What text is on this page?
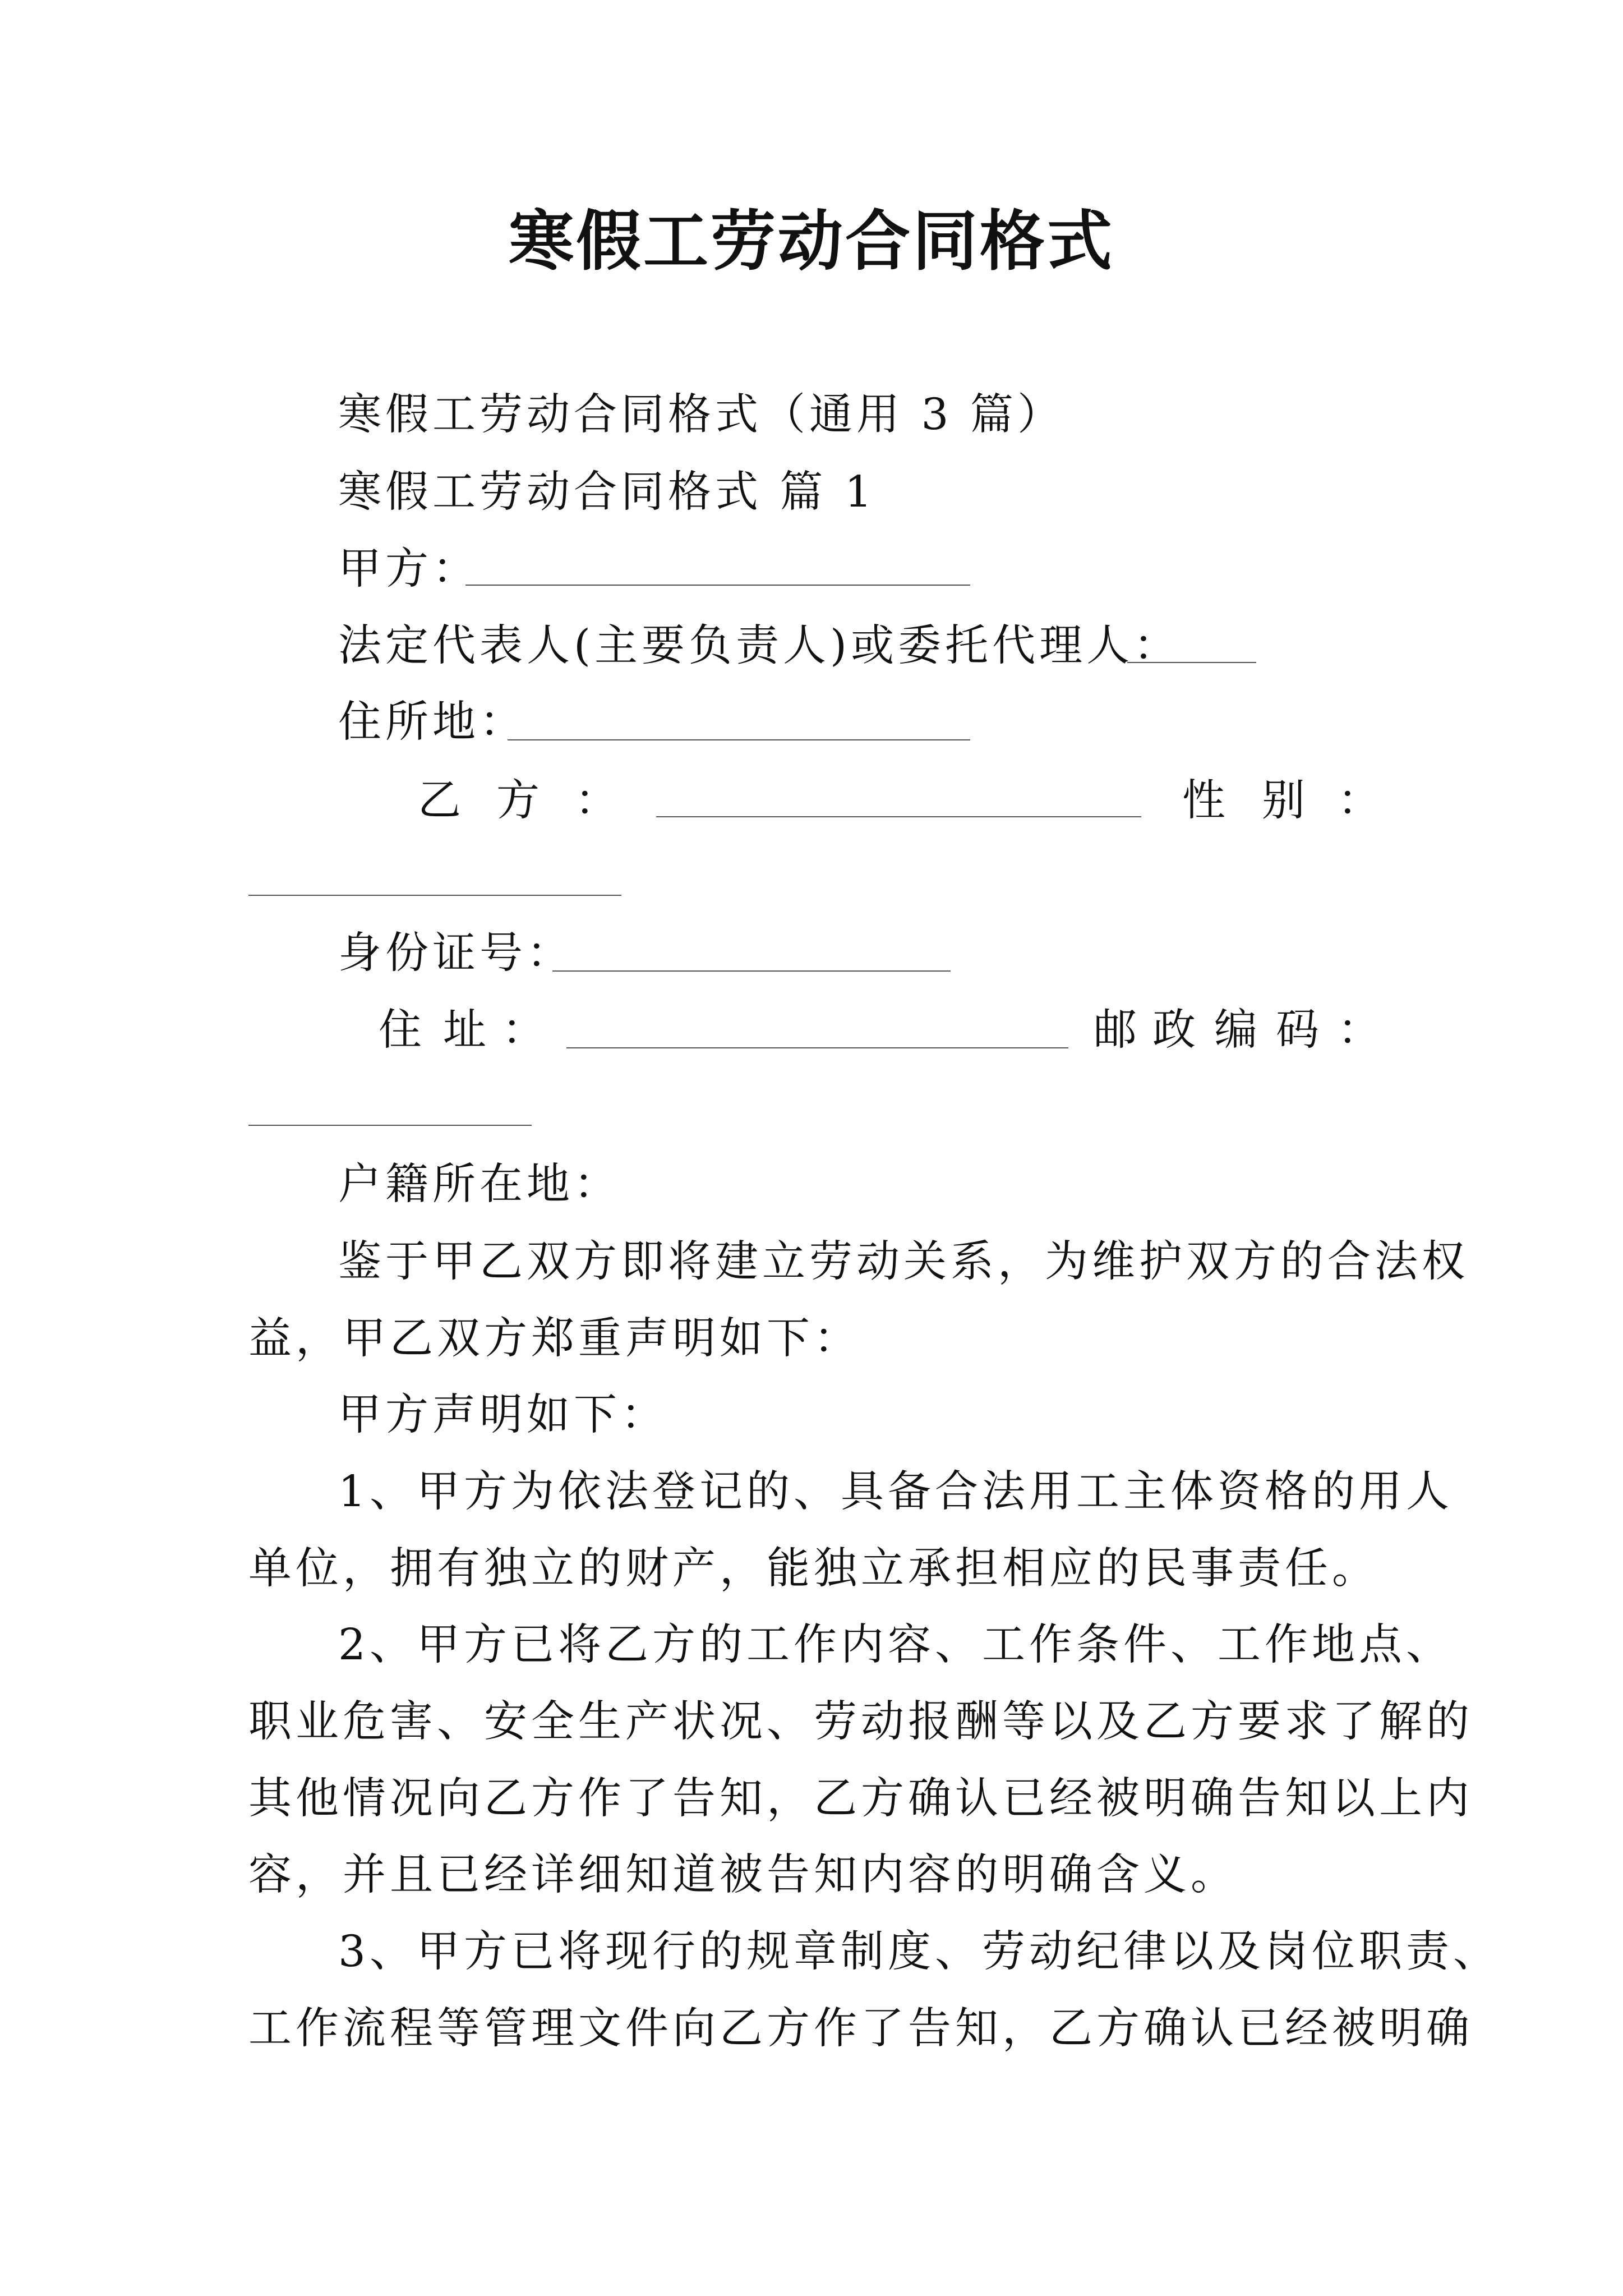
寒假工劳动合同格式
寒假工劳动合同格式（通用 3 篇）
寒假工劳动合同格式 篇 1
甲方：
法定代表人(主要负责人)或委托代理人：
住所地：
乙 方 ：	性 别 ：
身份证号：
住 址 ：	邮 政 编 码 ：
户籍所在地：
鉴于甲乙双方即将建立劳动关系，为维护双方的合法权
益，甲乙双方郑重声明如下：
甲方声明如下：
1、甲方为依法登记的、具备合法用工主体资格的用人
单位，拥有独立的财产，能独立承担相应的民事责任。
2、甲方已将乙方的工作内容、工作条件、工作地点、
职业危害、安全生产状况、劳动报酬等以及乙方要求了解的
其他情况向乙方作了告知，乙方确认已经被明确告知以上内
容，并且已经详细知道被告知内容的明确含义。
3、甲方已将现行的规章制度、劳动纪律以及岗位职责、
工作流程等管理文件向乙方作了告知，乙方确认已经被明确
